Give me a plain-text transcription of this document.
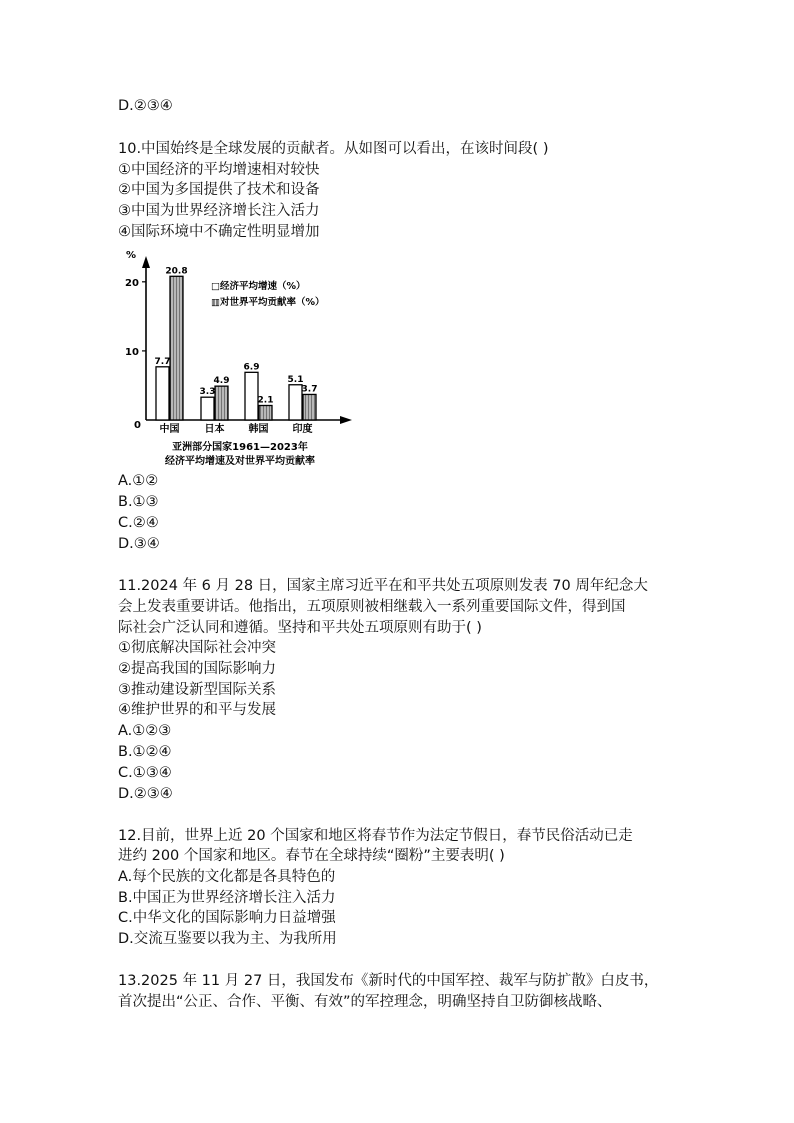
D.②③④
10.中国始终是全球发展的贡献者。从如图可以看出，在该时间段( )
①中国经济的平均增速相对较快
②中国为多国提供了技术和设备
③中国为世界经济增长注入活力
④国际环境中不确定性明显增加
%
20
10
0
7.7
20.8
中国
3.3
4.9
日本
6.9
2.1
韩国
5.1
3.7
印度
亚洲部分国家1961—2023年
经济平均增速及对世界平均贡献率
□经济平均增速（%）
▥对世界平均贡献率（%）
A.①②
B.①③
C.②④
D.③④
11.2024 年 6 月 28 日，国家主席习近平在和平共处五项原则发表 70 周年纪念大
会上发表重要讲话。他指出，五项原则被相继载入一系列重要国际文件，得到国
际社会广泛认同和遵循。坚持和平共处五项原则有助于( )
①彻底解决国际社会冲突
②提高我国的国际影响力
③推动建设新型国际关系
④维护世界的和平与发展
A.①②③
B.①②④
C.①③④
D.②③④
12.目前，世界上近 20 个国家和地区将春节作为法定节假日，春节民俗活动已走
进约 200 个国家和地区。春节在全球持续“圈粉”主要表明( )
A.每个民族的文化都是各具特色的
B.中国正为世界经济增长注入活力
C.中华文化的国际影响力日益增强
D.交流互鉴要以我为主、为我所用
13.2025 年 11 月 27 日，我国发布《新时代的中国军控、裁军与防扩散》白皮书，
首次提出“公正、合作、平衡、有效”的军控理念，明确坚持自卫防御核战略、
